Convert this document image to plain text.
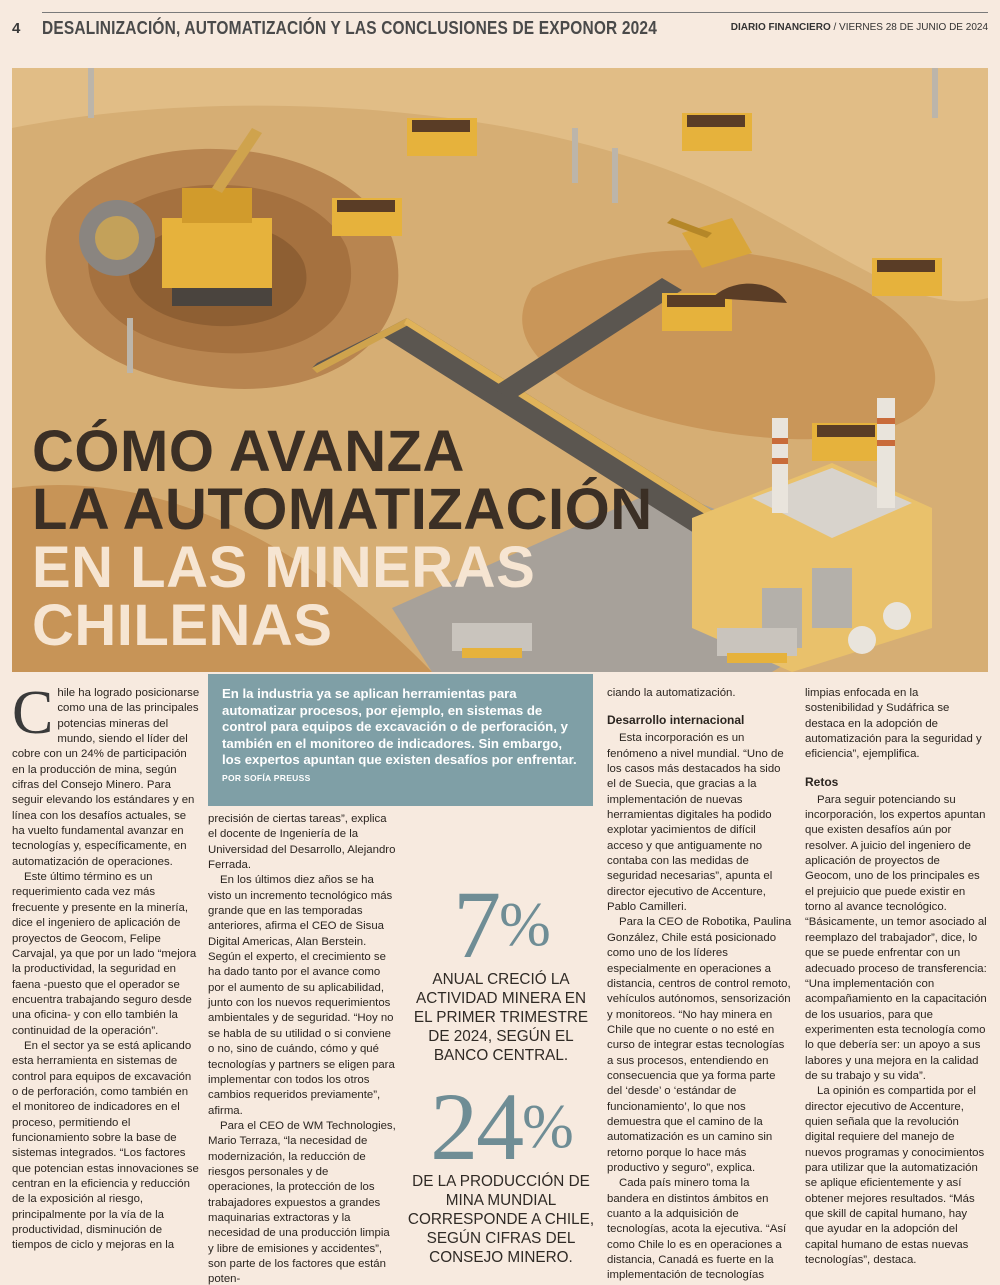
4 DESALINIZACIÓN, AUTOMATIZACIÓN Y LAS CONCLUSIONES DE EXPONOR 2024	DIARIO FINANCIERO / VIERNES 28 DE JUNIO DE 2024
CÓMO AVANZA
LA AUTOMATIZACIÓN
EN LAS MINERAS
CHILENAS

Chile ha logrado posicionarse como una de las principales potencias mineras del mundo, siendo el líder del cobre con un 24% de participación en la producción de mina, según cifras del Consejo Minero. Para seguir elevando los estándares y en línea con los desafíos actuales, se ha vuelto fundamental avanzar en tecnologías y, específicamente, en automatización de operaciones.

Este último término es un requerimiento cada vez más frecuente y presente en la minería, dice el ingeniero de aplicación de proyectos de Geocom, Felipe Carvajal, ya que por un lado “mejora la productividad, la seguridad en faena -puesto que el operador se encuentra trabajando seguro desde una oficina- y con ello también la continuidad de la operación”.

En el sector ya se está aplicando esta herramienta en sistemas de control para equipos de excavación o de perforación, como también en el monitoreo de indicadores en el proceso, permitiendo el funcionamiento sobre la base de sistemas integrados. “Los factores que potencian estas innovaciones se centran en la eficiencia y reducción de la exposición al riesgo, principalmente por la vía de la productividad, disminución de tiempos de ciclo y mejoras en la

En la industria ya se aplican herramientas para automatizar procesos, por ejemplo, en sistemas de control para equipos de excavación o de perforación, y también en el monitoreo de indicadores. Sin embargo, los expertos apuntan que existen desafíos por enfrentar. POR SOFÍA PREUSS

precisión de ciertas tareas”, explica el docente de Ingeniería de la Universidad del Desarrollo, Alejandro Ferrada.

En los últimos diez años se ha visto un incremento tecnológico más grande que en las temporadas anteriores, afirma el CEO de Sisua Digital Americas, Alan Berstein. Según el experto, el crecimiento se ha dado tanto por el avance como por el aumento de su aplicabilidad, junto con los nuevos requerimientos ambientales y de seguridad. “Hoy no se habla de su utilidad o si conviene o no, sino de cuándo, cómo y qué tecnologías y partners se eligen para implementar con todos los otros cambios requeridos previamente”, afirma.

Para el CEO de WM Technologies, Mario Terraza, “la necesidad de modernización, la reducción de riesgos personales y de operaciones, la protección de los trabajadores expuestos a grandes maquinarias extractoras y la necesidad de una producción limpia y libre de emisiones y accidentes”, son parte de los factores que están poten-

7%
ANUAL CRECIÓ LA ACTIVIDAD MINERA EN EL PRIMER TRIMESTRE DE 2024, SEGÚN EL BANCO CENTRAL.
24%
DE LA PRODUCCIÓN DE MINA MUNDIAL CORRESPONDE A CHILE, SEGÚN CIFRAS DEL CONSEJO MINERO.

ciando la automatización.

Desarrollo internacional

Esta incorporación es un fenómeno a nivel mundial. “Uno de los casos más destacados ha sido el de Suecia, que gracias a la implementación de nuevas herramientas digitales ha podido explotar yacimientos de difícil acceso y que antiguamente no contaba con las medidas de seguridad necesarias”, apunta el director ejecutivo de Accenture, Pablo Camilleri.

Para la CEO de Robotika, Paulina González, Chile está posicionado como uno de los líderes especialmente en operaciones a distancia, centros de control remoto, vehículos autónomos, sensorización y monitoreos. “No hay minera en Chile que no cuente o no esté en curso de integrar estas tecnologías a sus procesos, entendiendo en consecuencia que ya forma parte del ‘desde’ o ‘estándar de funcionamiento’, lo que nos demuestra que el camino de la automatización es un camino sin retorno porque lo hace más productivo y seguro”, explica.

Cada país minero toma la bandera en distintos ámbitos en cuanto a la adquisición de tecnologías, acota la ejecutiva. “Así como Chile lo es en operaciones a distancia, Canadá es fuerte en la implementación de tecnologías

limpias enfocada en la sostenibilidad y Sudáfrica se destaca en la adopción de automatización para la seguridad y eficiencia”, ejemplifica.

Retos

Para seguir potenciando su incorporación, los expertos apuntan que existen desafíos aún por resolver. A juicio del ingeniero de aplicación de proyectos de Geocom, uno de los principales es el prejuicio que puede existir en torno al avance tecnológico. “Básicamente, un temor asociado al reemplazo del trabajador”, dice, lo que se puede enfrentar con un adecuado proceso de transferencia: “Una implementación con acompañamiento en la capacitación de los usuarios, para que experimenten esta tecnología como lo que debería ser: un apoyo a sus labores y una mejora en la calidad de su trabajo y su vida”.

La opinión es compartida por el director ejecutivo de Accenture, quien señala que la revolución digital requiere del manejo de nuevos programas y conocimientos para utilizar que la automatización se aplique eficientemente y así obtener mejores resultados. “Más que skill de capital humano, hay que ayudar en la adopción del capital humano de estas nuevas tecnologías”, destaca.
